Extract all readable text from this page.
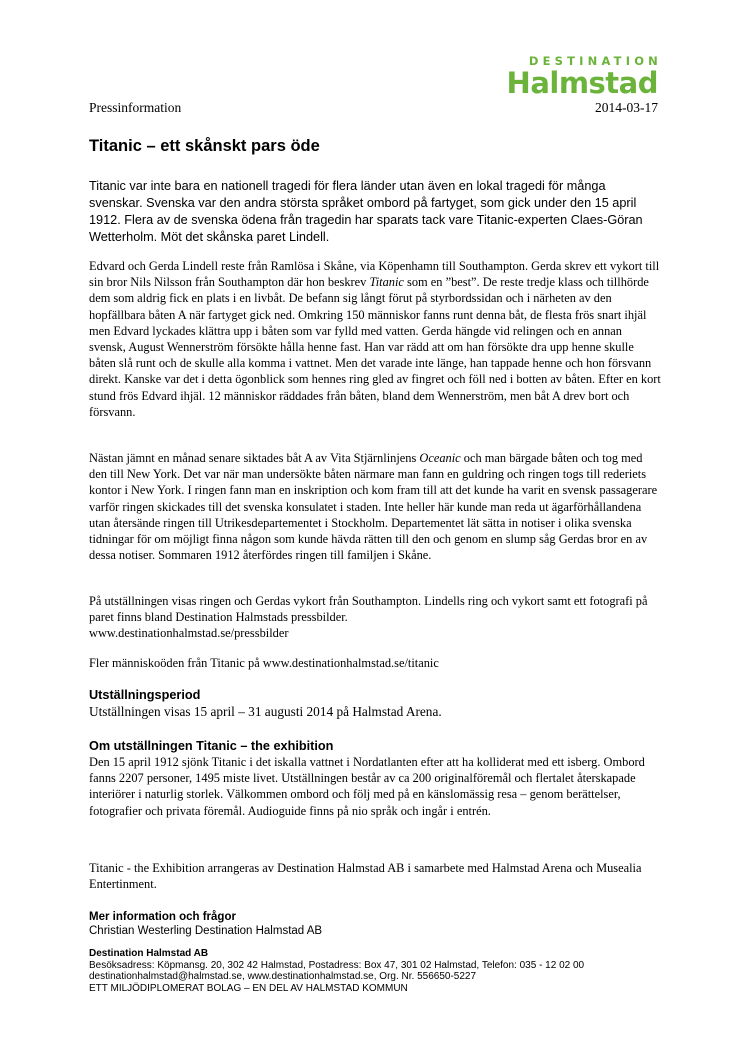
DESTINATION
Halmstad
Pressinformation	2014-03-17
Titanic – ett skånskt pars öde

Titanic var inte bara en nationell tragedi för flera länder utan även en lokal tragedi för många svenskar. Svenska var den andra största språket ombord på fartyget, som gick under den 15 april 1912. Flera av de svenska ödena från tragedin har sparats tack vare Titanic-experten Claes-Göran Wetterholm. Möt det skånska paret Lindell.

Edvard och Gerda Lindell reste från Ramlösa i Skåne, via Köpenhamn till Southampton. Gerda skrev ett vykort till sin bror Nils Nilsson från Southampton där hon beskrev Titanic som en ”best”. De reste tredje klass och tillhörde dem som aldrig fick en plats i en livbåt. De befann sig långt förut på styrbordssidan och i närheten av den hopfällbara båten A när fartyget gick ned. Omkring 150 människor fanns runt denna båt, de flesta frös snart ihjäl men Edvard lyckades klättra upp i båten som var fylld med vatten. Gerda hängde vid relingen och en annan svensk, August Wennerström försökte hålla henne fast. Han var rädd att om han försökte dra upp henne skulle båten slå runt och de skulle alla komma i vattnet. Men det varade inte länge, han tappade henne och hon försvann direkt. Kanske var det i detta ögonblick som hennes ring gled av fingret och föll ned i botten av båten. Efter en kort stund frös Edvard ihjäl. 12 människor räddades från båten, bland dem Wennerström, men båt A drev bort och försvann.

Nästan jämnt en månad senare siktades båt A av Vita Stjärnlinjens Oceanic och man bärgade båten och tog med den till New York. Det var när man undersökte båten närmare man fann en guldring och ringen togs till rederiets kontor i New York. I ringen fann man en inskription och kom fram till att det kunde ha varit en svensk passagerare varför ringen skickades till det svenska konsulatet i staden. Inte heller här kunde man reda ut ägarförhållandena utan återsände ringen till Utrikesdepartementet i Stockholm. Departementet lät sätta in notiser i olika svenska tidningar för om möjligt finna någon som kunde hävda rätten till den och genom en slump såg Gerdas bror en av dessa notiser. Sommaren 1912 återfördes ringen till familjen i Skåne.

På utställningen visas ringen och Gerdas vykort från Southampton. Lindells ring och vykort samt ett fotografi på paret finns bland Destination Halmstads pressbilder.
www.destinationhalmstad.se/pressbilder

Fler människoöden från Titanic på www.destinationhalmstad.se/titanic

Utställningsperiod

Utställningen visas 15 april – 31 augusti 2014 på Halmstad Arena.

Om utställningen Titanic – the exhibition

Den 15 april 1912 sjönk Titanic i det iskalla vattnet i Nordatlanten efter att ha kolliderat med ett isberg. Ombord fanns 2207 personer, 1495 miste livet. Utställningen består av ca 200 originalföremål och flertalet återskapade interiörer i naturlig storlek. Välkommen ombord och följ med på en känslomässig resa – genom berättelser, fotografier och privata föremål. Audioguide finns på nio språk och ingår i entrén.

Titanic - the Exhibition arrangeras av Destination Halmstad AB i samarbete med Halmstad Arena och Musealia Entertinment.

Mer information och frågor
Christian Westerling Destination Halmstad AB
Destination Halmstad AB
Besöksadress: Köpmansg. 20, 302 42 Halmstad, Postadress: Box 47, 301 02 Halmstad, Telefon: 035 - 12 02 00
destinationhalmstad@halmstad.se, www.destinationhalmstad.se, Org. Nr. 556650-5227
ETT MILJÖDIPLOMERAT BOLAG – EN DEL AV HALMSTAD KOMMUN
